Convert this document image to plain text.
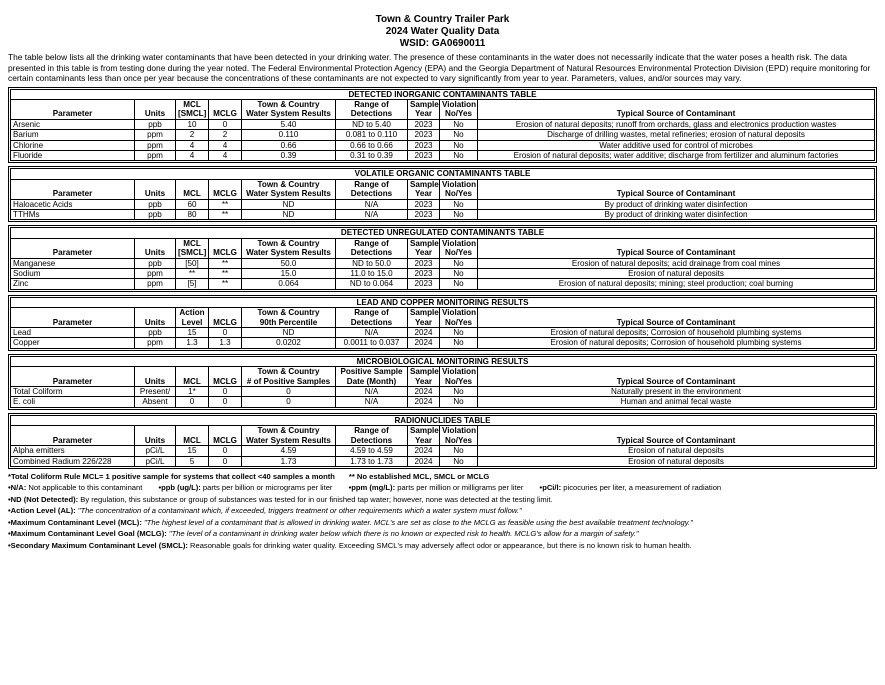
Town & Country Trailer Park
2024 Water Quality Data
WSID: GA0690011
The table below lists all the drinking water contaminants that have been detected in your drinking water. The presence of these contaminants in the water does not necessarily indicate that the water poses a health risk. The data presented in this table is from testing done during the year noted. The Federal Environmental Protection Agency (EPA) and the Georgia Department of Natural Resources Environmental Protection Division (EPD) require monitoring for certain contaminants less than once per year because the concentrations of these contaminants are not expected to vary significantly from year to year. Parameters, values, and/or sources may vary.
DETECTED INORGANIC CONTAMINANTS TABLE								
		MCL		Town & Country	Range of	Sample	Violation	
Parameter	Units	[SMCL]	MCLG	Water System Results	Detections	Year	No/Yes	Typical Source of Contaminant
Arsenic	ppb	10	0	5.40	ND to 5.40	2023	No	Erosion of natural deposits; runoff from orchards, glass and electronics production wastes
Barium	ppm	2	2	0.110	0.081 to 0.110	2023	No	Discharge of drilling wastes, metal refineries; erosion of natural deposits
Chlorine	ppm	4	4	0.66	0.66 to 0.66	2023	No	Water additive used for control of microbes
Fluoride	ppm	4	4	0.39	0.31 to 0.39	2023	No	Erosion of natural deposits; water additive; discharge from fertilizer and aluminum factories
VOLATILE ORGANIC CONTAMINANTS TABLE								
				Town & Country	Range of	Sample	Violation	
Parameter	Units	MCL	MCLG	Water System Results	Detections	Year	No/Yes	Typical Source of Contaminant
Haloacetic Acids	ppb	60	**	ND	N/A	2023	No	By product of drinking water disinfection
TTHMs	ppb	80	**	ND	N/A	2023	No	By product of drinking water disinfection
DETECTED UNREGULATED CONTAMINANTS TABLE								
		MCL		Town & Country	Range of	Sample	Violation	
Parameter	Units	[SMCL]	MCLG	Water System Results	Detections	Year	No/Yes	Typical Source of Contaminant
Manganese	ppb	[50]	**	50.0	ND to 50.0	2023	No	Erosion of natural deposits; acid drainage from coal mines
Sodium	ppm	**	**	15.0	11.0 to 15.0	2023	No	Erosion of natural deposits
Zinc	ppm	[5]	**	0.064	ND to 0.064	2023	No	Erosion of natural deposits; mining; steel production; coal burning
LEAD AND COPPER MONITORING RESULTS								
		Action		Town & Country	Range of	Sample	Violation	
Parameter	Units	Level	MCLG	90th Percentile	Detections	Year	No/Yes	Typical Source of Contaminant
Lead	ppb	15	0	ND	N/A	2024	No	Erosion of natural deposits; Corrosion of household plumbing systems
Copper	ppm	1.3	1.3	0.0202	0.0011 to 0.037	2024	No	Erosion of natural deposits; Corrosion of household plumbing systems
MICROBIOLOGICAL MONITORING RESULTS								
				Town & Country	Positive Sample	Sample	Violation	
Parameter	Units	MCL	MCLG	# of Positive Samples	Date (Month)	Year	No/Yes	Typical Source of Contaminant
Total Coliform	Present/	1*	0	0	N/A	2024	No	Naturally present in the environment
E. coli	Absent	0	0	0	N/A	2024	No	Human and animal fecal waste
RADIONUCLIDES TABLE								
				Town & Country	Range of	Sample	Violation	
Parameter	Units	MCL	MCLG	Water System Results	Detections	Year	No/Yes	Typical Source of Contaminant
Alpha emitters	pCi/L	15	0	4.59	4.59 to 4.59	2024	No	Erosion of natural deposits
Combined Radium 226/228	pCi/L	5	0	1.73	1.73 to 1.73	2024	No	Erosion of natural deposits
*Total Coliform Rule MCL= 1 positive sample for systems that collect <40 samples a month ** No established MCL, SMCL or MCLG
•N/A: Not applicable to this contaminant •ppb (ug/L): parts per billion or micrograms per liter •ppm (mg/L): parts per million or milligrams per liter •pCi/l: picocuries per liter, a measurement of radiation
•ND (Not Detected): By regulation, this substance or group of substances was tested for in our finished tap water; however, none was detected at the testing limit.
•Action Level (AL): "The concentration of a contaminant which, if exceeded, triggers treatment or other requirements which a water system must follow."
•Maximum Contaminant Level (MCL): "The highest level of a contaminant that is allowed in drinking water. MCL's are set as close to the MCLG as feasible using the best available treatment technology."
•Maximum Contaminant Level Goal (MCLG): "The level of a contaminant in drinking water below which there is no known or expected risk to health. MCLG's allow for a margin of safety."
•Secondary Maximum Contaminant Level (SMCL): Reasonable goals for drinking water quality. Exceeding SMCL's may adversely affect odor or appearance, but there is no known risk to human health.
